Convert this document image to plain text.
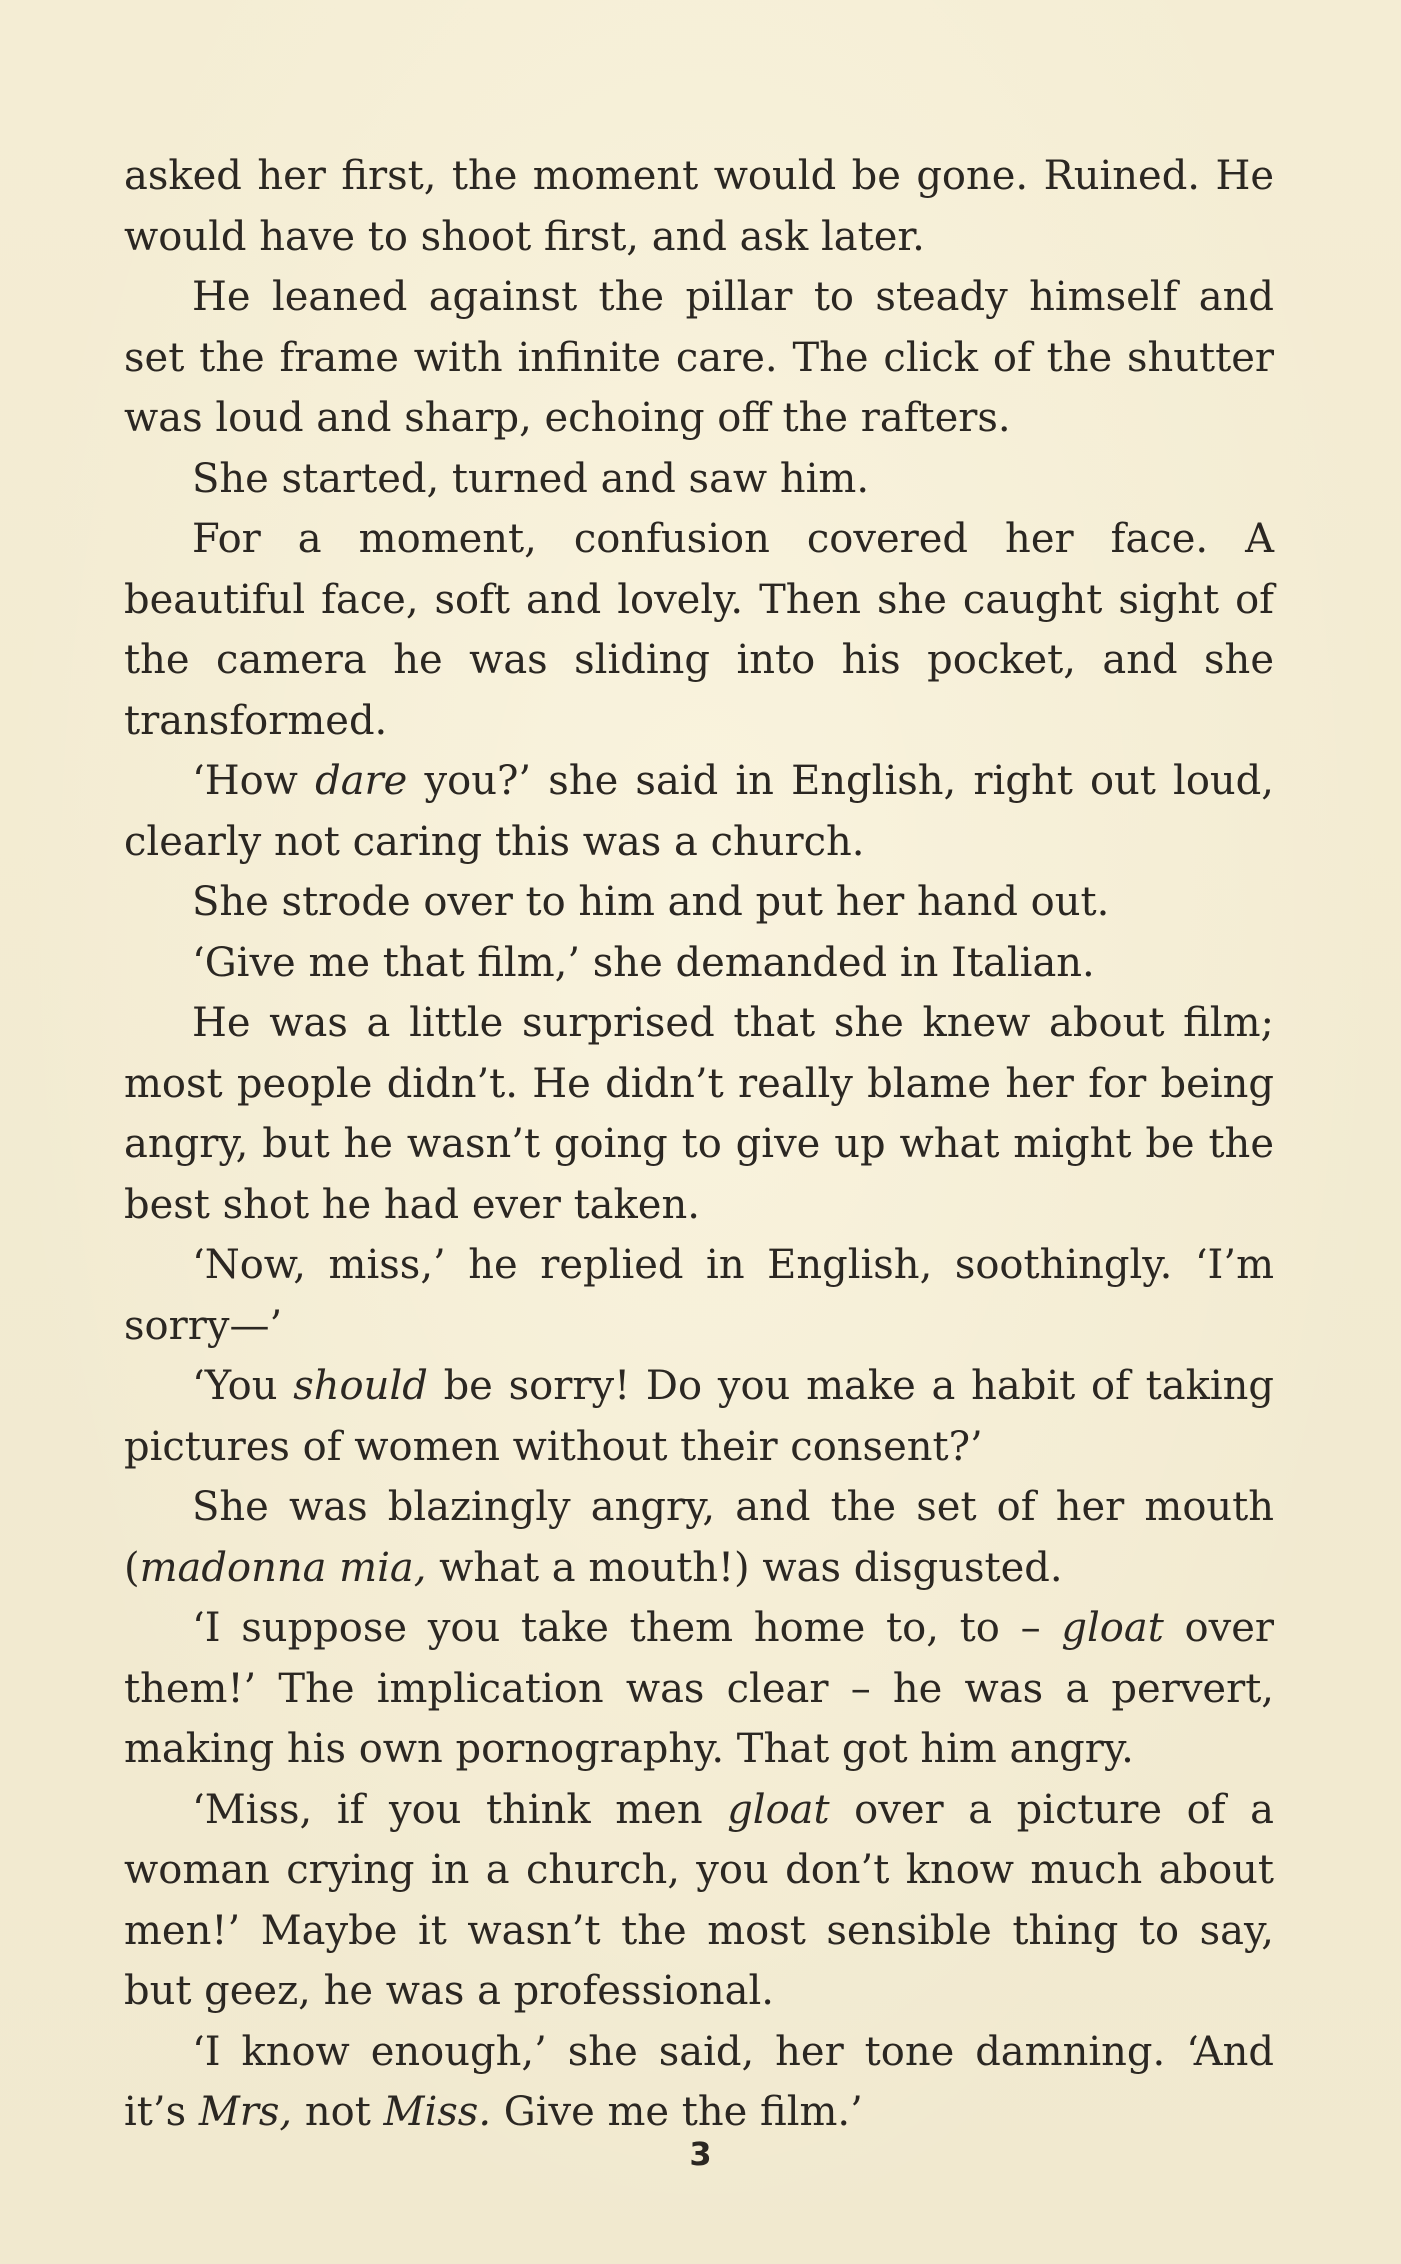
asked her first, the moment would be gone. Ruined. He would have to shoot first, and ask later.

He leaned against the pillar to steady himself and set the frame with infinite care. The click of the shutter was loud and sharp, echoing off the rafters.

She started, turned and saw him.

For a moment, confusion covered her face. A beautiful face, soft and lovely. Then she caught sight of the camera he was sliding into his pocket, and she transformed.

‘How dare you?’ she said in English, right out loud, clearly not caring this was a church.

She strode over to him and put her hand out.

‘Give me that film,’ she demanded in Italian.

He was a little surprised that she knew about film; most people didn’t. He didn’t really blame her for being angry, but he wasn’t going to give up what might be the best shot he had ever taken.

‘Now, miss,’ he replied in English, soothingly. ‘I’m sorry—’

‘You should be sorry! Do you make a habit of taking pictures of women without their consent?’

She was blazingly angry, and the set of her mouth (madonna mia, what a mouth!) was disgusted.

‘I suppose you take them home to, to – gloat over them!’ The implication was clear – he was a pervert, making his own pornography. That got him angry.

‘Miss, if you think men gloat over a picture of a woman crying in a church, you don’t know much about men!’ Maybe it wasn’t the most sensible thing to say, but geez, he was a professional.

‘I know enough,’ she said, her tone damning. ‘And it’s Mrs, not Miss. Give me the film.’

3
